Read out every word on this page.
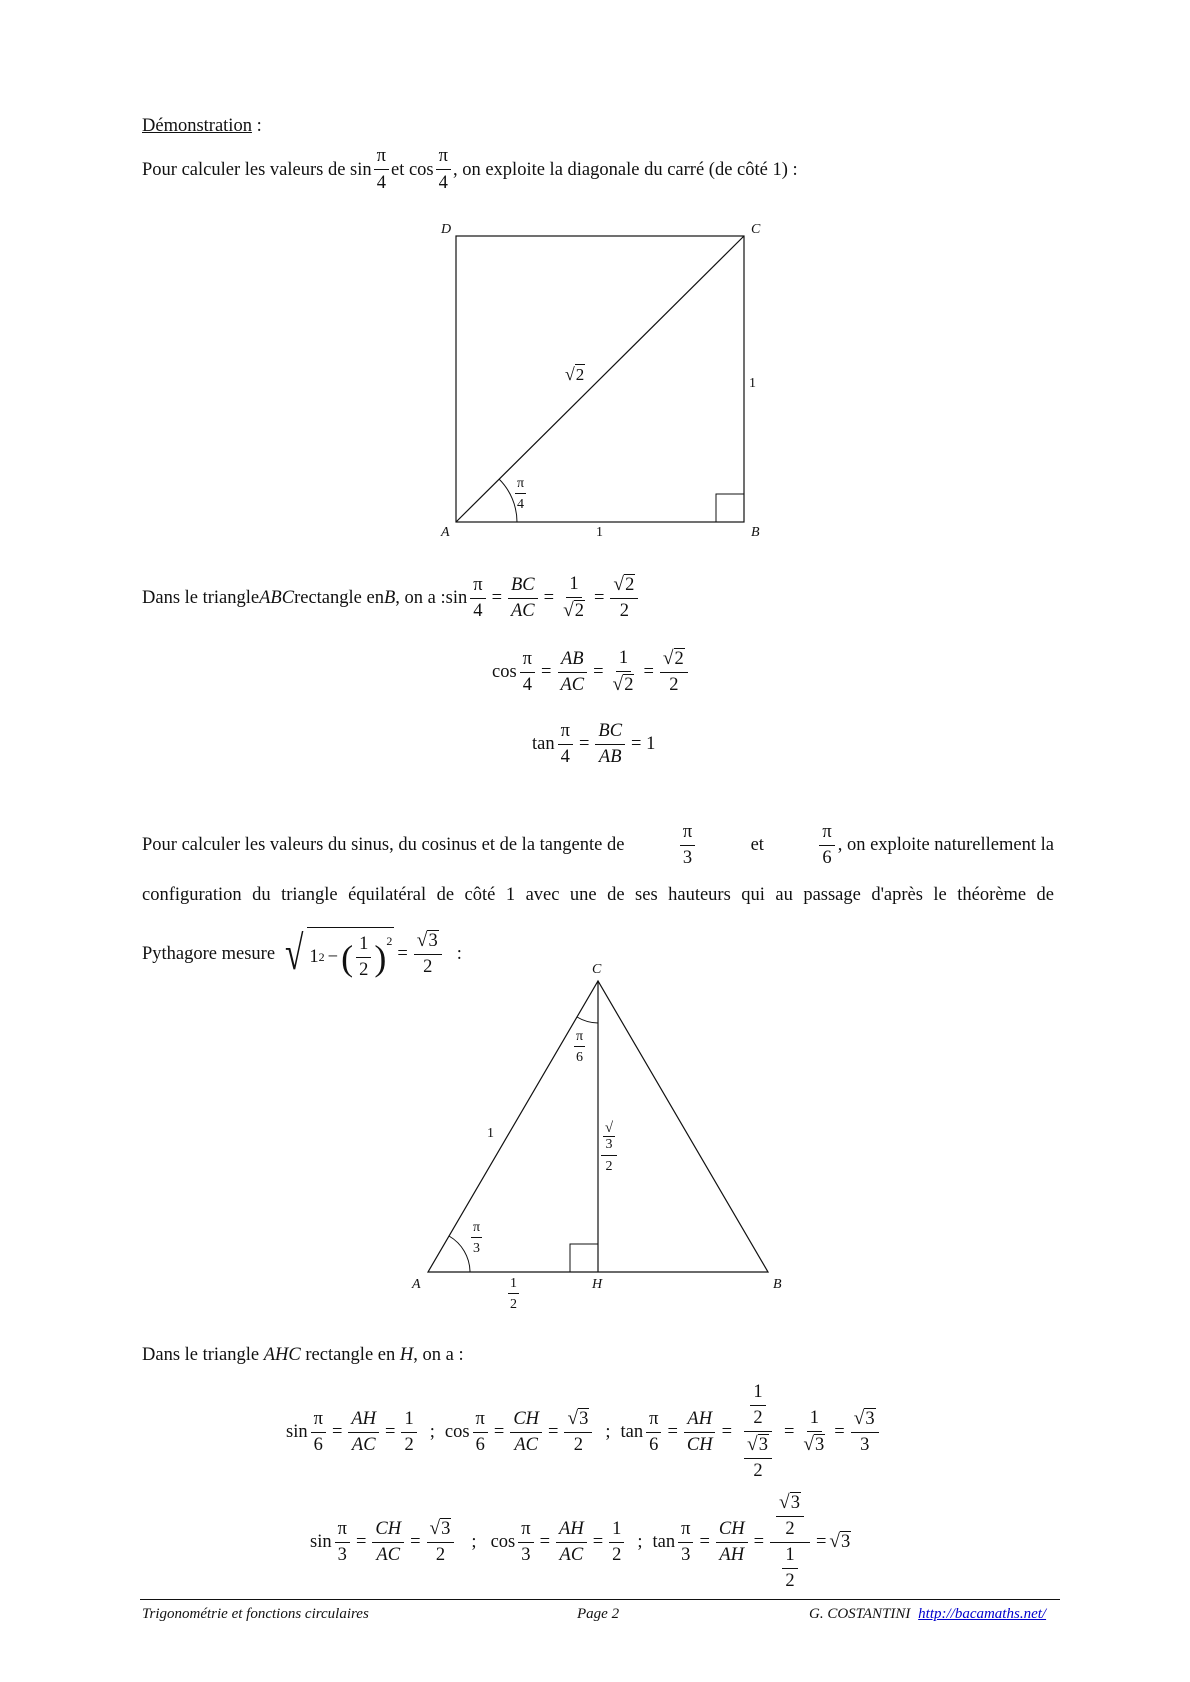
Démonstration :
Pour calculer les valeurs de $\sin \frac{\pi}{4}$ et $\cos \frac{\pi}{4}$ , on exploite la diagonale du carré (de côté 1) :
D	C
A	B
1
1
√2
$\frac{\pi}{4}$
Dans le triangle ABC rectangle en B , on a : $\sin \frac{\pi}{4} = \frac{BC}{AC} = \frac{1}{√2} = \frac{√2}{2}$
$\cos \frac{\pi}{4} = \frac{AB}{AC} = \frac{1}{√2} = \frac{√2}{2}$
$\tan \frac{\pi}{4} = \frac{BC}{AB} = 1$
Pour calculer les valeurs du sinus, du cosinus et de la tangente de	$\frac{\pi}{3}$	et	$\frac{\pi}{6}$ , on exploite naturellement la
configuration du triangle équilatéral de côté 1 avec une de ses hauteurs qui au passage d'après le théorème de
Pythagore mesure √ 1 2 − ( $\frac{1}{2} )^2$
= $\frac{√3}{2}$ :
C
A	H	B
1	√
3
2
$\frac{\pi}{3}$
$\frac{\pi}{6}$
$\frac{1}{2}$
Dans le triangle AHC rectangle en H, on a :
$\sin \frac{\pi}{6} = \frac{AH}{AC} = \frac{1}{2}$ ; $\cos \frac{\pi}{6} = \frac{CH}{AC} = \frac{√3}{2}$ ; $\tan \frac{\pi}{6} = \frac{AH}{CH} = \frac{\frac{1}{2}}{\frac{√3}{2}} = \frac{1}{√3} = \frac{√3}{3}$
$\sin \frac{\pi}{3} = \frac{CH}{AC} = \frac{√3}{2}$ ; $\cos \frac{\pi}{3} = \frac{AH}{AC} = \frac{1}{2}$ ; $\tan \frac{\pi}{3} = \frac{CH}{AH} = \frac{\frac{√3}{2}}{\frac{1}{2}} = √3$
Trigonométrie et fonctions circulaires	Page 2	G. COSTANTINI http://bacamaths.net/
